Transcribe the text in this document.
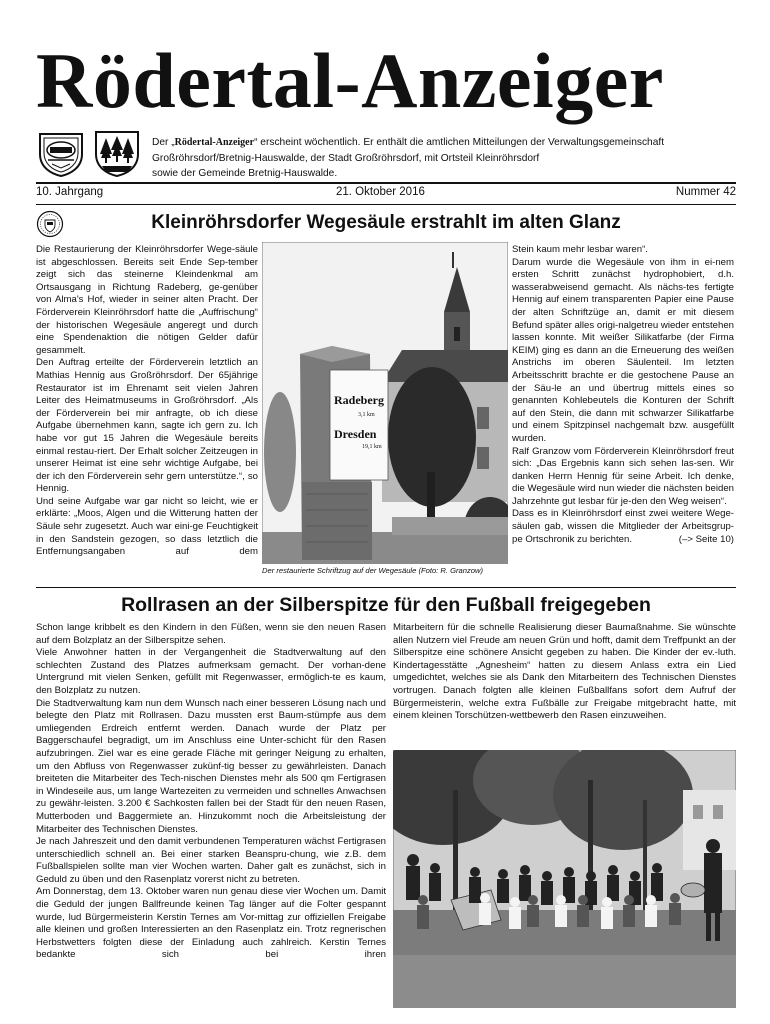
Rödertal-Anzeiger
Der „Rödertal-Anzeiger“ erscheint wöchentlich. Er enthält die amtlichen Mitteilungen der Verwaltungsgemeinschaft
Großröhrsdorf/Bretnig-Hauswalde, der Stadt Großröhrsdorf, mit Ortsteil Kleinröhrsdorf
sowie der Gemeinde Bretnig-Hauswalde.
10. Jahrgang	21. Oktober 2016	Nummer 42
Kleinröhrsdorfer Wegesäule erstrahlt im alten Glanz

Die Restaurierung der Kleinröhrsdorfer Wege-säule ist abgeschlossen. Bereits seit Ende Sep-tember zeigt sich das steinerne Kleindenkmal am Ortsausgang in Richtung Radeberg, ge-genüber von Alma's Hof, wieder in seiner alten Pracht. Der Förderverein Kleinröhrsdorf hatte die „Auffrischung“ der historischen Wegesäule angeregt und durch eine Spendenaktion die nötigen Gelder dafür gesammelt.

Den Auftrag erteilte der Förderverein letztlich an Mathias Hennig aus Großröhrsdorf. Der 65jährige Restaurator ist im Ehrenamt seit vielen Jahren Leiter des Heimatmuseums in Großröhrsdorf. „Als der Förderverein bei mir anfragte, ob ich diese Aufgabe übernehmen kann, sagte ich gern zu. Ich habe vor gut 15 Jahren die Wegesäule bereits einmal restau-riert. Der Erhalt solcher Zeitzeugen in unserer Heimat ist eine sehr wichtige Aufgabe, bei der ich den Förderverein sehr gern unterstütze.“, so Hennig.

Und seine Aufgabe war gar nicht so leicht, wie er erklärte: „Moos, Algen und die Witterung hatten der Säule sehr zugesetzt. Auch war eini-ge Feuchtigkeit in den Sandstein gezogen, so dass letztlich die Entfernungsangaben auf dem

Radeberg
3,1 km
Dresden
19,1 km
Der restaurierte Schriftzug auf der Wegesäule (Foto: R. Granzow)

Stein kaum mehr lesbar waren“.

Darum wurde die Wegesäule von ihm in ei-nem ersten Schritt zunächst hydrophobiert, d.h. wasserabweisend gemacht. Als nächs-tes fertigte Hennig auf einem transparenten Papier eine Pause der alten Schriftzüge an, damit er mit diesem Befund später alles origi-nalgetreu wieder entstehen lassen konnte. Mit weißer Silikatfarbe (der Firma KEIM) ging es dann an die Erneuerung des weißen Anstrichs im oberen Säulenteil. Im letzten Arbeitsschritt brachte er die gestochene Pause an der Säu-le an und übertrug mittels eines so genannten Kohlebeutels die Konturen der Schrift auf den Stein, die dann mit schwarzer Silikatfarbe und einem Spitzpinsel nachgemalt bzw. ausgefüllt wurden.

Ralf Granzow vom Förderverein Kleinröhrsdorf freut sich: „Das Ergebnis kann sich sehen las-sen. Wir danken Herrn Hennig für seine Arbeit. Ich denke, die Wegesäule wird nun wieder die nächsten beiden Jahrzehnte gut lesbar für je-den den Weg weisen“.

Dass es in Kleinröhrsdorf einst zwei weitere Wege-säulen gab, wissen die Mitglieder der Arbeitsgrup-

pe Ortschronik zu berichten.	(–> Seite 10)
Rollrasen an der Silberspitze für den Fußball freigegeben

Schon lange kribbelt es den Kindern in den Füßen, wenn sie den neuen Rasen auf dem Bolzplatz an der Silberspitze sehen.

Viele Anwohner hatten in der Vergangenheit die Stadtverwaltung auf den schlechten Zustand des Platzes aufmerksam gemacht. Der vorhan-dene Untergrund mit vielen Senken, gefüllt mit Regenwasser, ermöglich-te es kaum, den Bolzplatz zu nutzen.

Die Stadtverwaltung kam nun dem Wunsch nach einer besseren Lösung nach und belegte den Platz mit Rollrasen. Dazu mussten erst Baum-stümpfe aus dem umliegenden Erdreich entfernt werden. Danach wurde der Platz per Baggerschaufel begradigt, um im Anschluss eine Unter-schicht für den Rasen aufzubringen. Ziel war es eine gerade Fläche mit geringer Neigung zu erhalten, um den Abfluss von Regenwasser zukünf-tig besser zu gewährleisten. Danach breiteten die Mitarbeiter des Tech-nischen Dienstes mehr als 500 qm Fertigrasen in Windeseile aus, um lange Wartezeiten zu vermeiden und schnelles Anwachsen zu gewähr-leisten. 3.200 € Sachkosten fallen bei der Stadt für den neuen Rasen, Mutterboden und Baggermiete an. Hinzukommt noch die Arbeitsleistung der Mitarbeiter des Technischen Dienstes.

Je nach Jahreszeit und den damit verbundenen Temperaturen wächst Fertigrasen unterschiedlich schnell an. Bei einer starken Beanspru-chung, wie z.B. dem Fußballspielen sollte man vier Wochen warten. Daher galt es zunächst, sich in Geduld zu üben und den Rasenplatz vorerst nicht zu betreten.

Am Donnerstag, dem 13. Oktober waren nun genau diese vier Wochen um. Damit die Geduld der jungen Ballfreunde keinen Tag länger auf die Folter gespannt wurde, lud Bürgermeisterin Kerstin Ternes am Vor-mittag zur offiziellen Freigabe alle kleinen und großen Interessierten an den Rasenplatz ein. Trotz regnerischen Herbstwetters folgten diese der Einladung auch zahlreich. Kerstin Ternes bedankte sich bei ihren

Mitarbeitern für die schnelle Realisierung dieser Baumaßnahme. Sie wünschte allen Nutzern viel Freude am neuen Grün und hofft, damit dem Treffpunkt an der Silberspitze eine schönere Ansicht gegeben zu haben. Die Kinder der ev.-luth. Kindertagesstätte „Agnesheim“ hatten zu diesem Anlass extra ein Lied umgedichtet, welches sie als Dank den Mitarbeitern des Technischen Dienstes vortrugen. Danach folgten alle kleinen Fußballfans sofort dem Aufruf der Bürgermeisterin, welche extra Fußbälle zur Freigabe mitgebracht hatte, mit einem kleinen Torschützen-wettbewerb den Rasen einzuweihen.
